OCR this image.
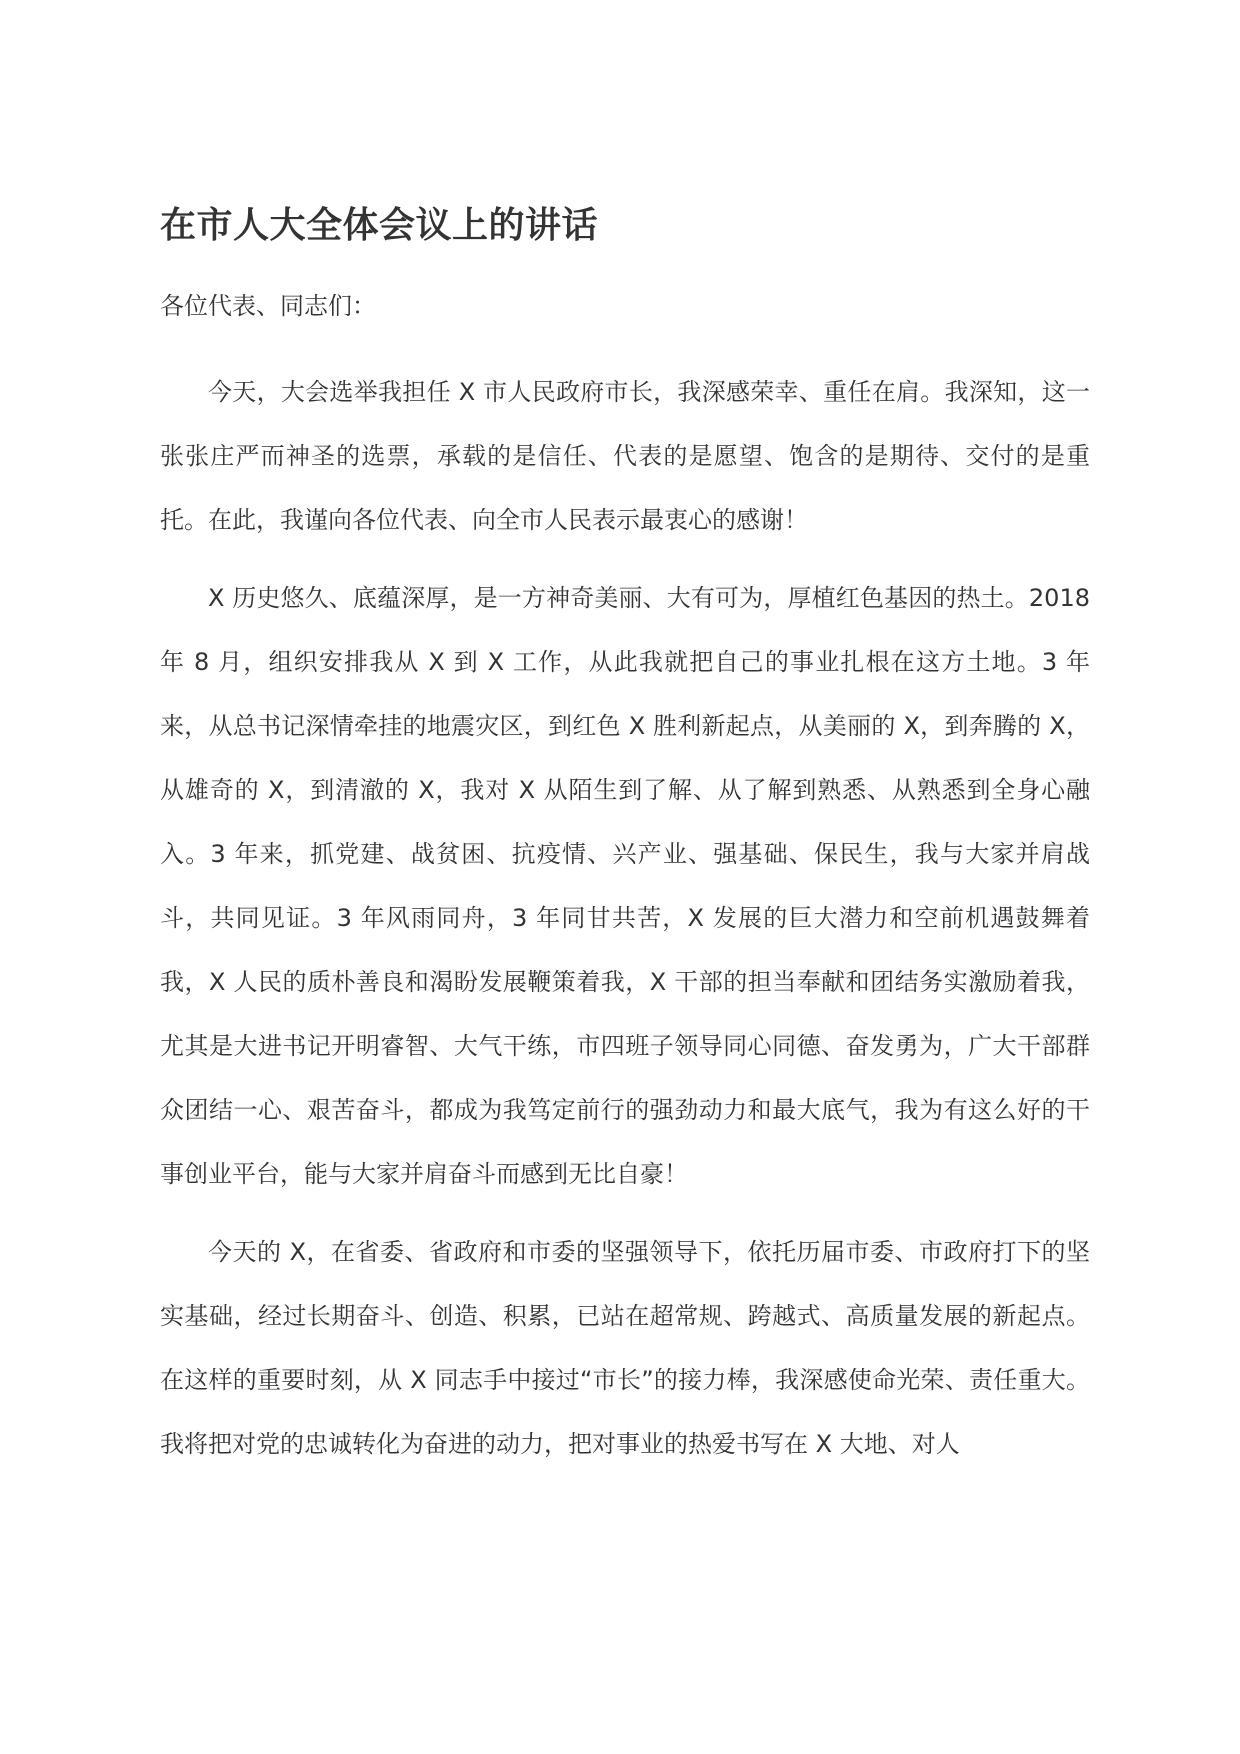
在市人大全体会议上的讲话

各位代表、同志们：

今天，大会选举我担任 X 市人民政府市长，我深感荣幸、重任在肩。我深知，这一张张庄严而神圣的选票，承载的是信任、代表的是愿望、饱含的是期待、交付的是重托。在此，我谨向各位代表、向全市人民表示最衷心的感谢！

X 历史悠久、底蕴深厚，是一方神奇美丽、大有可为，厚植红色基因的热土。2018 年 8 月，组织安排我从 X 到 X 工作，从此我就把自己的事业扎根在这方土地。3 年来，从总书记深情牵挂的地震灾区，到红色 X 胜利新起点，从美丽的 X，到奔腾的 X，从雄奇的 X，到清澈的 X，我对 X 从陌生到了解、从了解到熟悉、从熟悉到全身心融入。3 年来，抓党建、战贫困、抗疫情、兴产业、强基础、保民生，我与大家并肩战斗，共同见证。3 年风雨同舟，3 年同甘共苦，X 发展的巨大潜力和空前机遇鼓舞着我，X 人民的质朴善良和渴盼发展鞭策着我，X 干部的担当奉献和团结务实激励着我，尤其是大进书记开明睿智、大气干练，市四班子领导同心同德、奋发勇为，广大干部群众团结一心、艰苦奋斗，都成为我笃定前行的强劲动力和最大底气，我为有这么好的干事创业平台，能与大家并肩奋斗而感到无比自豪！

今天的 X，在省委、省政府和市委的坚强领导下，依托历届市委、市政府打下的坚实基础，经过长期奋斗、创造、积累，已站在超常规、跨越式、高质量发展的新起点。在这样的重要时刻，从 X 同志手中接过“市长”的接力棒，我深感使命光荣、责任重大。我将把对党的忠诚转化为奋进的动力，把对事业的热爱书写在 X 大地、对人
